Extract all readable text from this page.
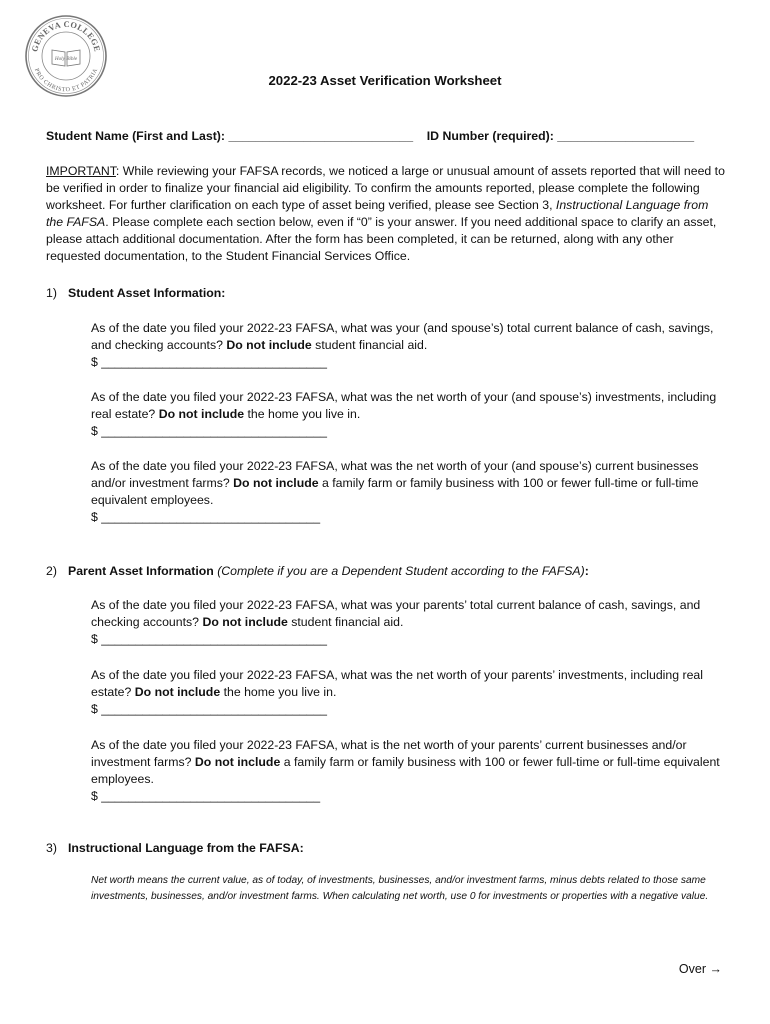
GENEVA COLLEGE
PRO CHRISTO ET PATRIA
Holy Bible
2022-23 Asset Verification Worksheet
Student Name (First and Last): ___________________________ ID Number (required): ____________________
IMPORTANT: While reviewing your FAFSA records, we noticed a large or unusual amount of assets reported that will need to be verified in order to finalize your financial aid eligibility. To confirm the amounts reported, please complete the following worksheet. For further clarification on each type of asset being verified, please see Section 3, Instructional Language from the FAFSA. Please complete each section below, even if “0” is your answer. If you need additional space to clarify an asset, please attach additional documentation. After the form has been completed, it can be returned, along with any other requested documentation, to the Student Financial Services Office.
1) Student Asset Information:
As of the date you filed your 2022-23 FAFSA, what was your (and spouse’s) total current balance of cash, savings, and checking accounts? Do not include student financial aid.
$ _________________________________
As of the date you filed your 2022-23 FAFSA, what was the net worth of your (and spouse’s) investments, including real estate? Do not include the home you live in.
$ _________________________________
As of the date you filed your 2022-23 FAFSA, what was the net worth of your (and spouse’s) current businesses and/or investment farms? Do not include a family farm or family business with 100 or fewer full-time or full-time equivalent employees.
$ ________________________________
2) Parent Asset Information (Complete if you are a Dependent Student according to the FAFSA):
As of the date you filed your 2022-23 FAFSA, what was your parents’ total current balance of cash, savings, and checking accounts? Do not include student financial aid.
$ _________________________________
As of the date you filed your 2022-23 FAFSA, what was the net worth of your parents’ investments, including real estate? Do not include the home you live in.
$ _________________________________
As of the date you filed your 2022-23 FAFSA, what is the net worth of your parents’ current businesses and/or investment farms? Do not include a family farm or family business with 100 or fewer full-time or full-time equivalent employees.
$ ________________________________
3) Instructional Language from the FAFSA:
Net worth means the current value, as of today, of investments, businesses, and/or investment farms, minus debts related to those same investments, businesses, and/or investment farms. When calculating net worth, use 0 for investments or properties with a negative value.
Over →
